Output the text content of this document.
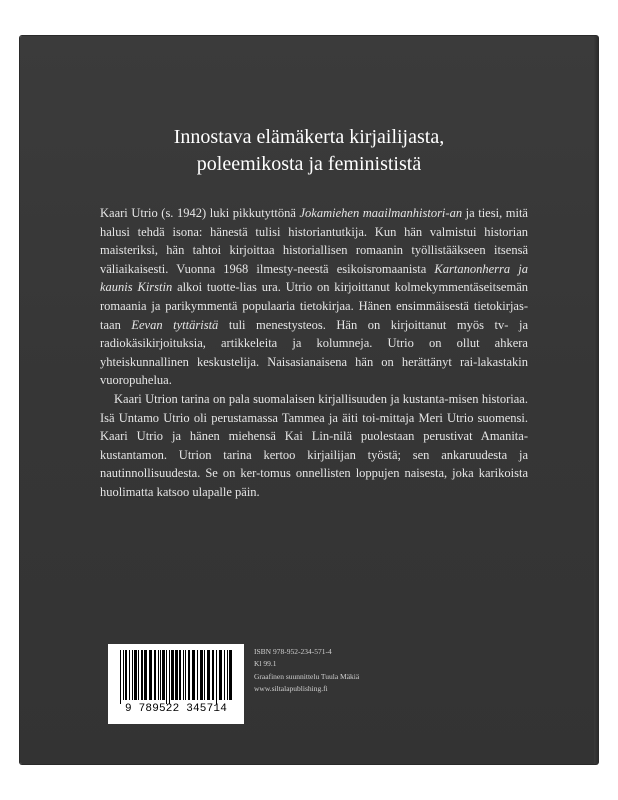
Innostava elämäkerta kirjailijasta,
poleemikosta ja feminististä

Kaari Utrio (s. 1942) luki pikkutyttönä Jokamiehen maailmanhistori-an ja tiesi, mitä halusi tehdä isona: hänestä tulisi historiantutkija. Kun hän valmistui historian maisteriksi, hän tahtoi kirjoittaa historiallisen romaanin työllistääkseen itsensä väliaikaisesti. Vuonna 1968 ilmesty-neestä esikoisromaanista Kartanonherra ja kaunis Kirstin alkoi tuotte-lias ura. Utrio on kirjoittanut kolmekymmentäseitsemän romaania ja parikymmentä populaaria tietokirjaa. Hänen ensimmäisestä tietokirjas-taan Eevan tyttäristä tuli menestysteos. Hän on kirjoittanut myös tv- ja radiokäsikirjoituksia, artikkeleita ja kolumneja. Utrio on ollut ahkera yhteiskunnallinen keskustelija. Naisasianaisena hän on herättänyt rai-lakastakin vuoropuhelua.

Kaari Utrion tarina on pala suomalaisen kirjallisuuden ja kustanta-misen historiaa. Isä Untamo Utrio oli perustamassa Tammea ja äiti toi-mittaja Meri Utrio suomensi. Kaari Utrio ja hänen miehensä Kai Lin-nilä puolestaan perustivat Amanita-kustantamon. Utrion tarina kertoo kirjailijan työstä; sen ankaruudesta ja nautinnollisuudesta. Se on ker-tomus onnellisten loppujen naisesta, joka karikoista huolimatta katsoo ulapalle päin.

9 789522 345714
ISBN 978-952-234-571-4
Kl 99.1
Graafinen suunnittelu Tuula Mäkiä
www.siltalapublishing.fi
